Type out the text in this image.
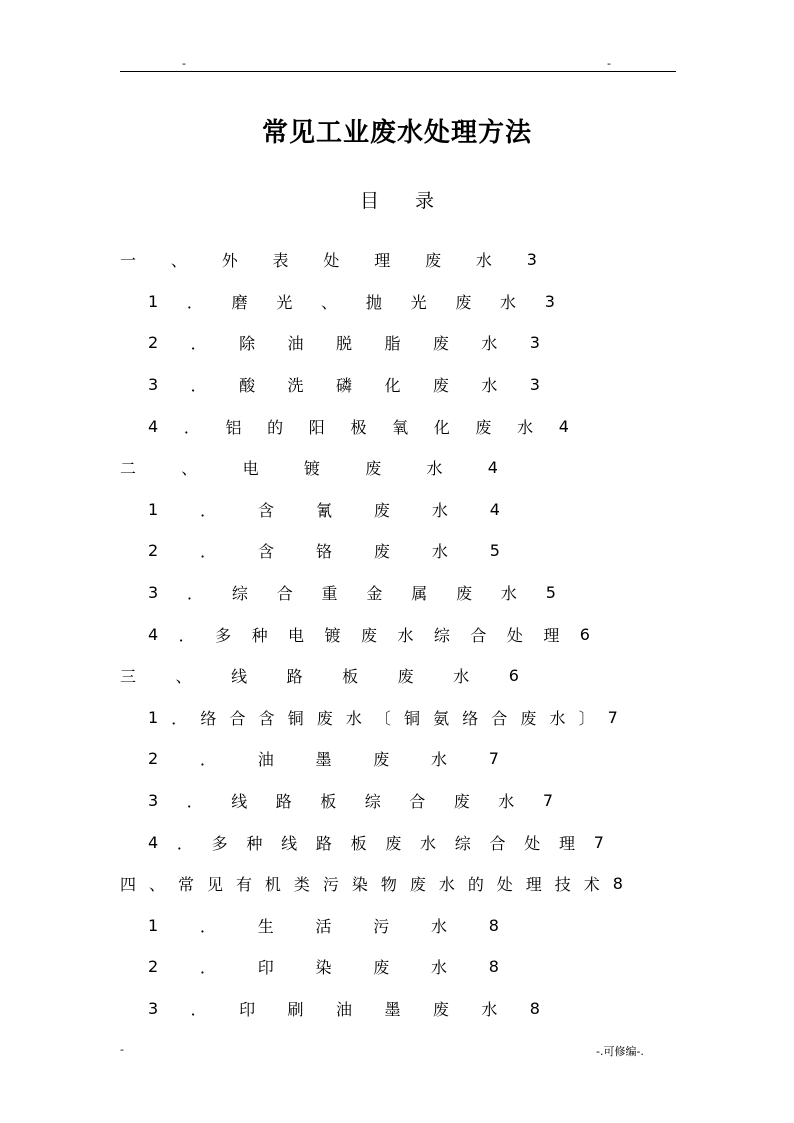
-	-
常见工业废水处理方法
目 录
一 、 外 表 处 理 废 水 3
1 ． 磨 光 、 抛 光 废 水 3
2 ． 除 油 脱 脂 废 水 3
3 ． 酸 洗 磷 化 废 水 3
4 ． 铝 的 阳 极 氧 化 废 水 4
二	、	电	镀	废	水	4
1	．	含	氰	废	水	4
2	．	含	铬	废	水	5
3 ． 综 合 重 金 属 废 水 5
4 ． 多 种 电 镀 废 水 综 合 处 理 6
三 、 线 路 板 废 水 6
1 ． 络 合 含 铜 废 水 〔 铜 氨 络 合 废 水 〕 7
2	．	油	墨	废	水	7
3 ． 线 路 板 综 合 废 水 7
4 ． 多 种 线 路 板 废 水 综 合 处 理 7
四 、 常 见 有 机 类 污 染 物 废 水 的 处 理 技 术 8
1	．	生	活	污	水	8
2	．	印	染	废	水	8
3 ． 印 刷 油 墨 废 水 8
-	-.可修编-.
